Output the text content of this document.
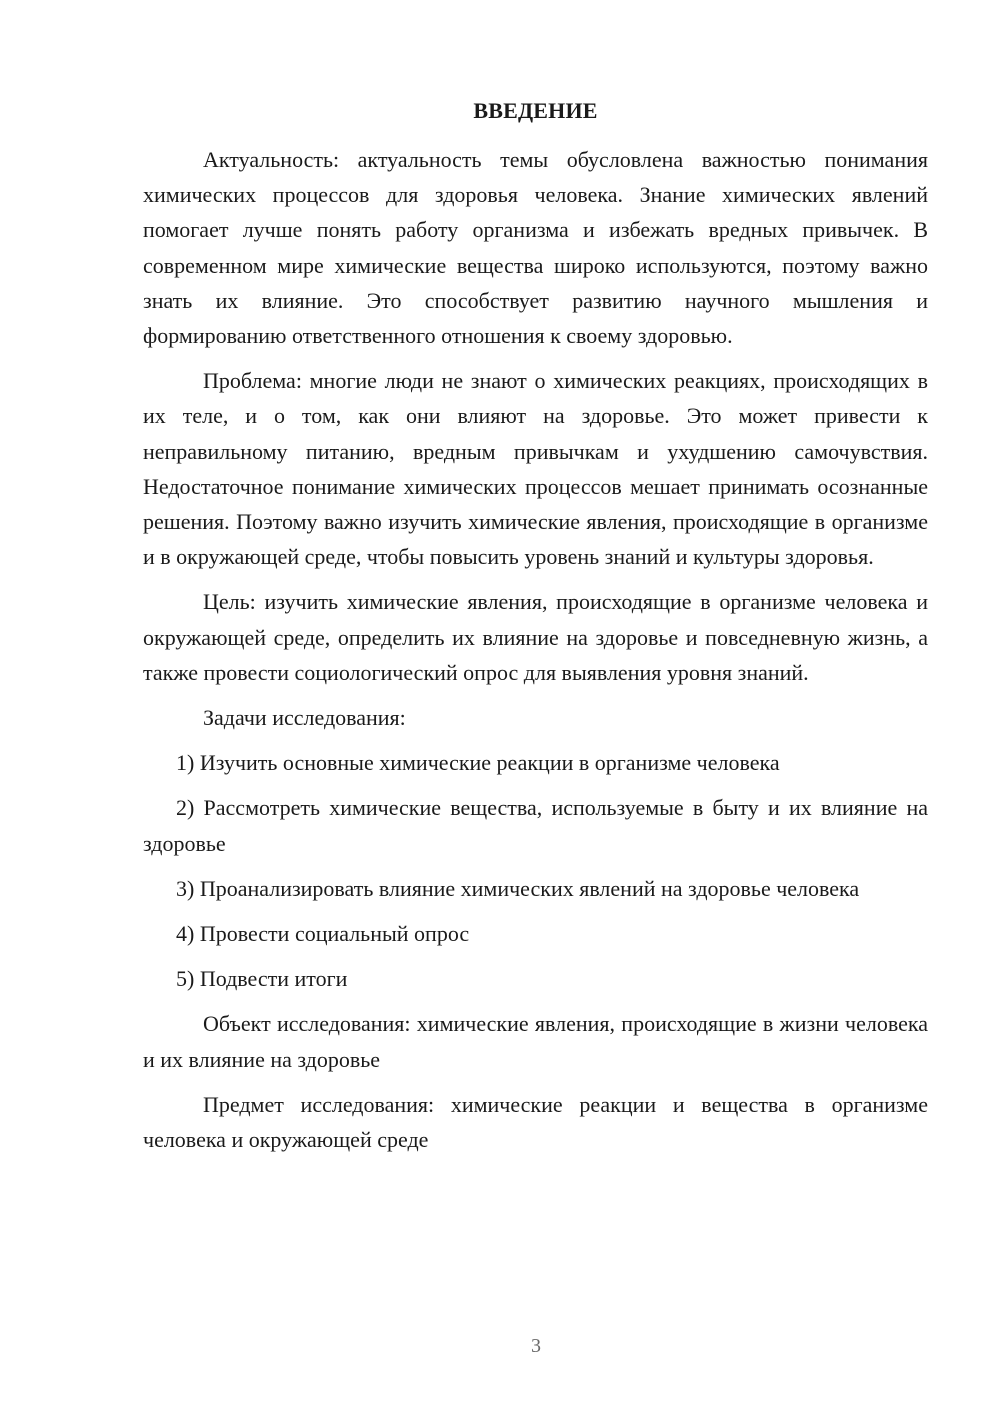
ВВЕДЕНИЕ

Актуальность: актуальность темы обусловлена важностью понимания химических процессов для здоровья человека. Знание химических явлений помогает лучше понять работу организма и избежать вредных привычек. В современном мире химические вещества широко используются, поэтому важно знать их влияние. Это способствует развитию научного мышления и формированию ответственного отношения к своему здоровью.

Проблема: многие люди не знают о химических реакциях, происходящих в их теле, и о том, как они влияют на здоровье. Это может привести к неправильному питанию, вредным привычкам и ухудшению самочувствия. Недостаточное понимание химических процессов мешает принимать осознанные решения. Поэтому важно изучить химические явления, происходящие в организме и в окружающей среде, чтобы повысить уровень знаний и культуры здоровья.

Цель: изучить химические явления, происходящие в организме человека и окружающей среде, определить их влияние на здоровье и повседневную жизнь, а также провести социологический опрос для выявления уровня знаний.

Задачи исследования:

1) Изучить основные химические реакции в организме человека

2) Рассмотреть химические вещества, используемые в быту и их влияние на здоровье

3) Проанализировать влияние химических явлений на здоровье человека

4) Провести социальный опрос

5) Подвести итоги

Объект исследования: химические явления, происходящие в жизни человека и их влияние на здоровье

Предмет исследования: химические реакции и вещества в организме человека и окружающей среде

3
